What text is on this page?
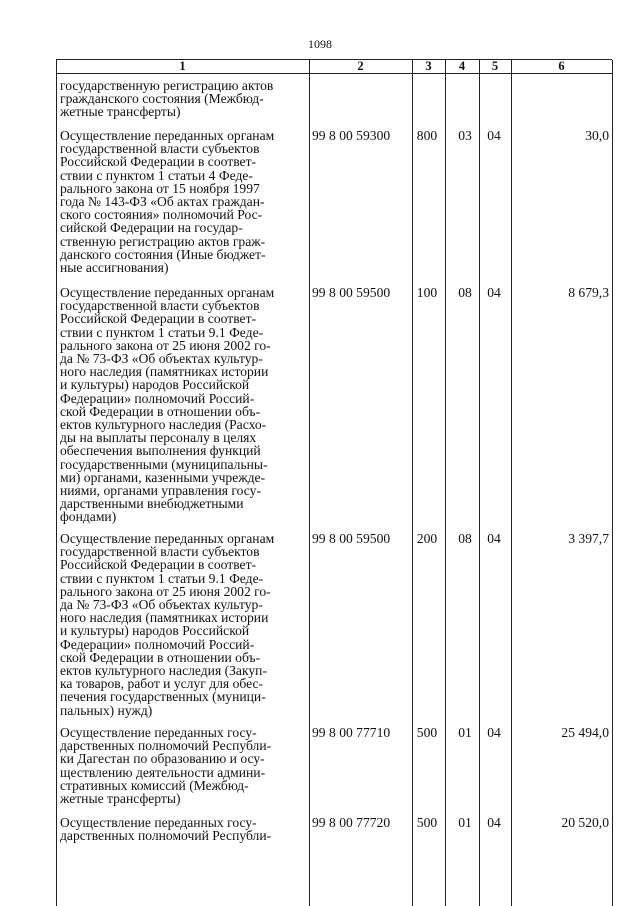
1098
1	2	3	4	5	6
государственную регистрацию актов
гражданского состояния (Межбюд-
жетные трансферты)
Осуществление переданных органам
государственной власти субъектов
Российской Федерации в соответ-
ствии с пунктом 1 статьи 4 Феде-
рального закона от 15 ноября 1997
года № 143-ФЗ «Об актах граждан-
ского состояния» полномочий Рос-
сийской Федерации на государ-
ственную регистрацию актов граж-
данского состояния (Иные бюджет-
ные ассигнования)
99 8 00 59300	800	03	04	30,0
Осуществление переданных органам
государственной власти субъектов
Российской Федерации в соответ-
ствии с пунктом 1 статьи 9.1 Феде-
рального закона от 25 июня 2002 го-
да № 73-ФЗ «Об объектах культур-
ного наследия (памятниках истории
и культуры) народов Российской
Федерации» полномочий Россий-
ской Федерации в отношении объ-
ектов культурного наследия (Расхо-
ды на выплаты персоналу в целях
обеспечения выполнения функций
государственными (муниципальны-
ми) органами, казенными учрежде-
ниями, органами управления госу-
дарственными внебюджетными
фондами)
99 8 00 59500	100	08	04	8 679,3
Осуществление переданных органам
государственной власти субъектов
Российской Федерации в соответ-
ствии с пунктом 1 статьи 9.1 Феде-
рального закона от 25 июня 2002 го-
да № 73-ФЗ «Об объектах культур-
ного наследия (памятниках истории
и культуры) народов Российской
Федерации» полномочий Россий-
ской Федерации в отношении объ-
ектов культурного наследия (Закуп-
ка товаров, работ и услуг для обес-
печения государственных (муници-
пальных) нужд)
99 8 00 59500	200	08	04	3 397,7
Осуществление переданных госу-
дарственных полномочий Республи-
ки Дагестан по образованию и осу-
ществлению деятельности админи-
стративных комиссий (Межбюд-
жетные трансферты)
99 8 00 77710	500	01	04	25 494,0
Осуществление переданных госу-
дарственных полномочий Республи-
99 8 00 77720	500	01	04	20 520,0
